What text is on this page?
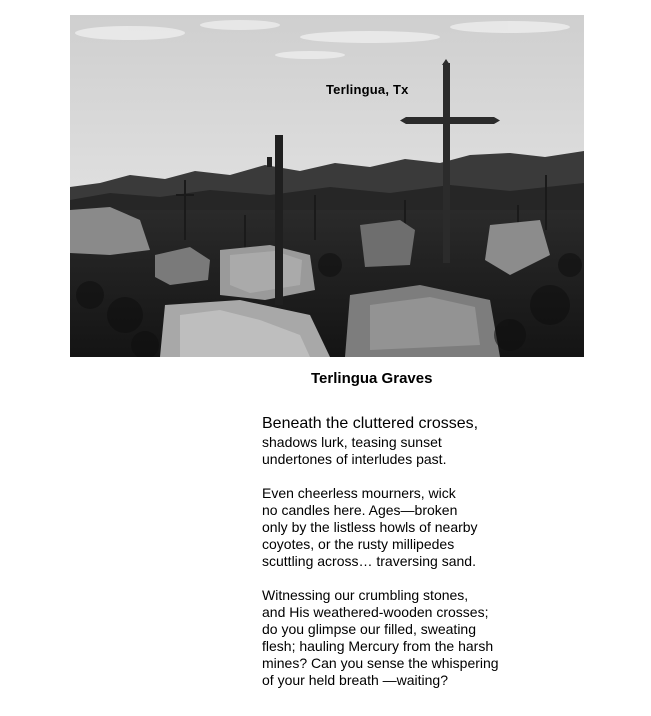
Terlingua, Tx
Terlingua Graves
Beneath the cluttered crosses,
shadows lurk, teasing sunset
undertones of interludes past.
Even cheerless mourners, wick
no candles here. Ages—broken
only by the listless howls of nearby
coyotes, or the rusty millipedes
scuttling across… traversing sand.
Witnessing our crumbling stones,
and His weathered-wooden crosses;
do you glimpse our filled, sweating
flesh; hauling Mercury from the harsh
mines? Can you sense the whispering
of your held breath —waiting?
